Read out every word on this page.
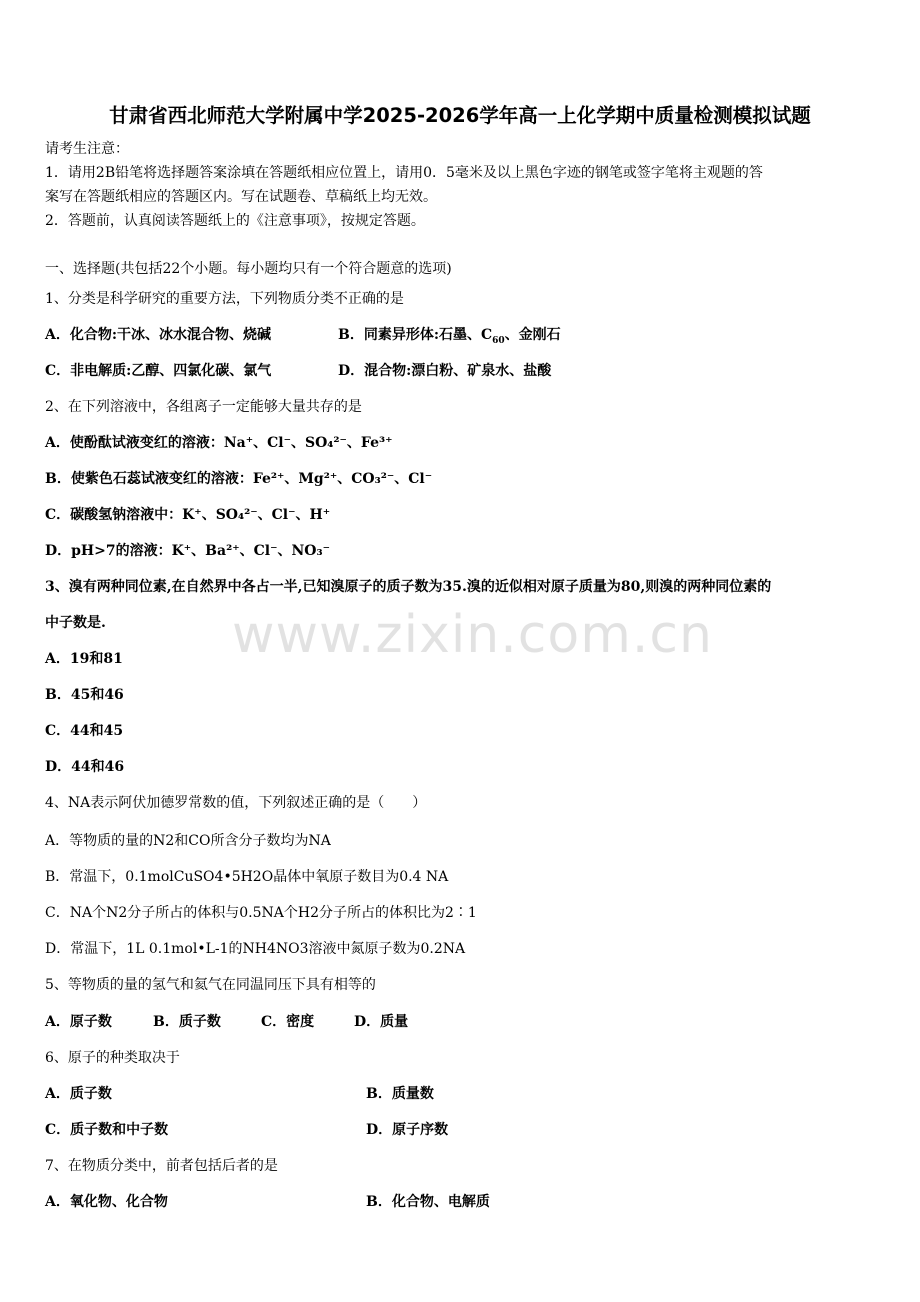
甘肃省西北师范大学附属中学2025-2026学年高一上化学期中质量检测模拟试题
请考生注意：
1．请用2B铅笔将选择题答案涂填在答题纸相应位置上，请用0．5毫米及以上黑色字迹的钢笔或签字笔将主观题的答
案写在答题纸相应的答题区内。写在试题卷、草稿纸上均无效。
2．答题前，认真阅读答题纸上的《注意事项》，按规定答题。
一、选择题(共包括22个小题。每小题均只有一个符合题意的选项)
1、分类是科学研究的重要方法，下列物质分类不正确的是
A．化合物:干冰、冰水混合物、烧碱	B．同素异形体:石墨、$C_{60}$、金刚石
C．非电解质:乙醇、四氯化碳、氯气	D．混合物:漂白粉、矿泉水、盐酸
2、在下列溶液中，各组离子一定能够大量共存的是
A．使酚酞试液变红的溶液：Na⁺、Cl⁻、SO₄²⁻、Fe³⁺
B．使紫色石蕊试液变红的溶液：Fe²⁺、Mg²⁺、CO₃²⁻、Cl⁻
C．碳酸氢钠溶液中：K⁺、SO₄²⁻、Cl⁻、H⁺
D．pH>7的溶液：K⁺、Ba²⁺、Cl⁻、NO₃⁻
3、溴有两种同位素,在自然界中各占一半,已知溴原子的质子数为35.溴的近似相对原子质量为80,则溴的两种同位素的
中子数是.
A．19和81
B．45和46
C．44和45
D．44和46
4、NA表示阿伏加德罗常数的值，下列叙述正确的是（　　）
A．等物质的量的N2和CO所含分子数均为NA
B．常温下，0.1molCuSO4•5H2O晶体中氧原子数目为0.4 NA
C．NA个N2分子所占的体积与0.5NA个H2分子所占的体积比为2∶1
D．常温下，1L 0.1mol•L-1的NH4NO3溶液中氮原子数为0.2NA
5、等物质的量的氢气和氦气在同温同压下具有相等的
A．原子数	B．质子数	C．密度	D．质量
6、原子的种类取决于
A．质子数	B．质量数
C．质子数和中子数	D．原子序数
7、在物质分类中，前者包括后者的是
A．氧化物、化合物	B．化合物、电解质
www.zixin.com.cn
